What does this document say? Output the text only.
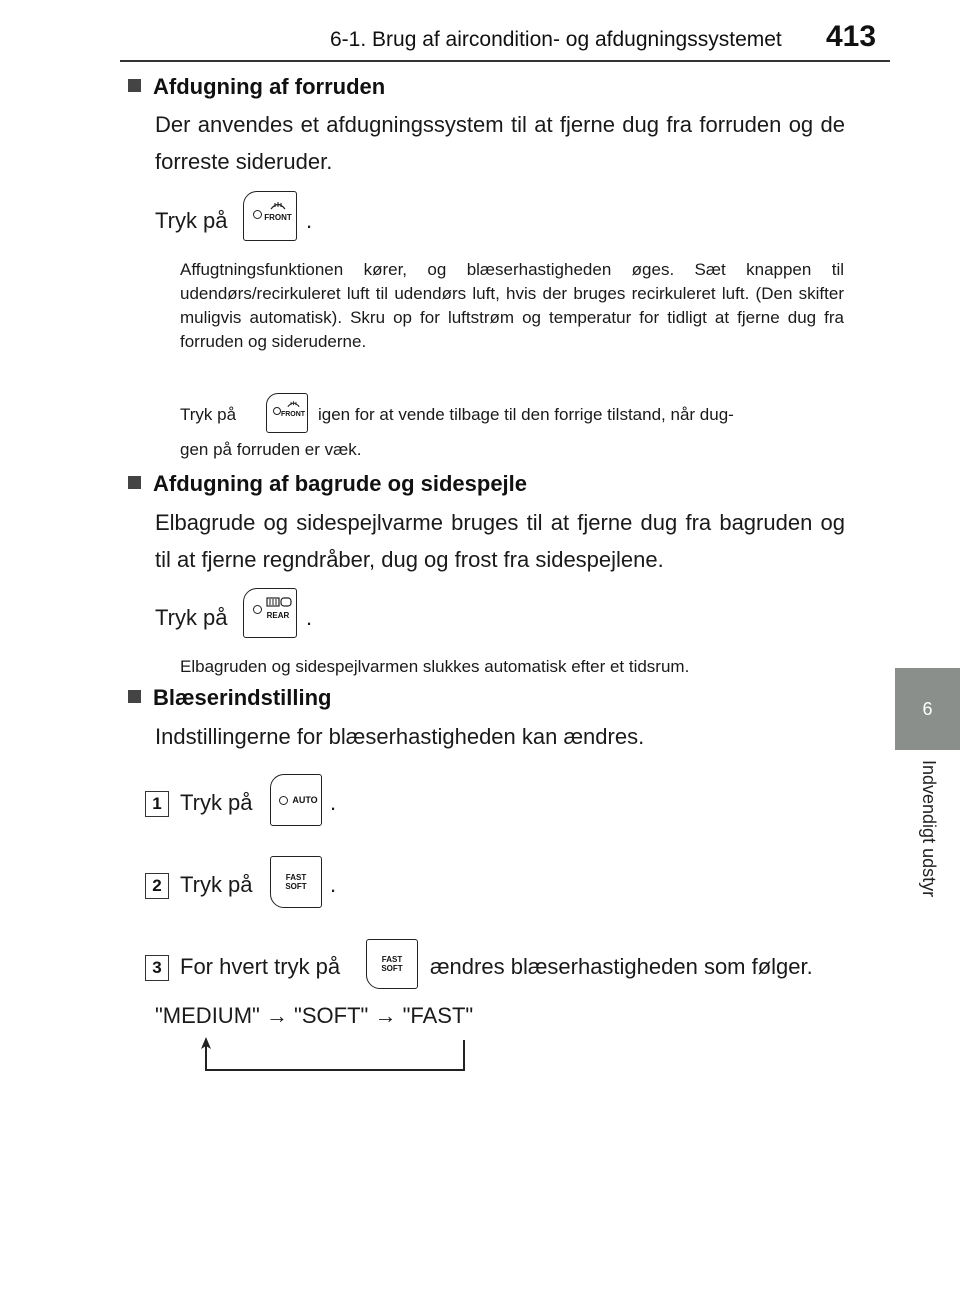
6-1. Brug af aircondition- og afdugningssystemet 413
6
Indvendigt udstyr
Afdugning af forruden
Der anvendes et afdugningssystem til at fjerne dug fra forruden og de forreste sideruder.
Tryk på	FRONT .
Affugtningsfunktionen kører, og blæserhastigheden øges. Sæt knappen til udendørs/recirkuleret luft til udendørs luft, hvis der bruges recirkuleret luft. (Den skifter muligvis automatisk). Skru op for luftstrøm og temperatur for tidligt at fjerne dug fra forruden og sideruderne.
Tryk på	FRONT igen for at vende tilbage til den forrige tilstand, når dug-
gen på forruden er væk.
Afdugning af bagrude og sidespejle
Elbagrude og sidespejlvarme bruges til at fjerne dug fra bagruden og til at fjerne regndråber, dug og frost fra sidespejlene.
Tryk på	REAR .
Elbagruden og sidespejlvarmen slukkes automatisk efter et tidsrum.
Blæserindstilling
Indstillingerne for blæserhastigheden kan ændres.
1 Tryk på	AUTO .
2 Tryk på	FAST SOFT .
3 For hvert tryk på	FAST SOFT ændres blæserhastigheden som følger.
"MEDIUM" → "SOFT" → "FAST"
